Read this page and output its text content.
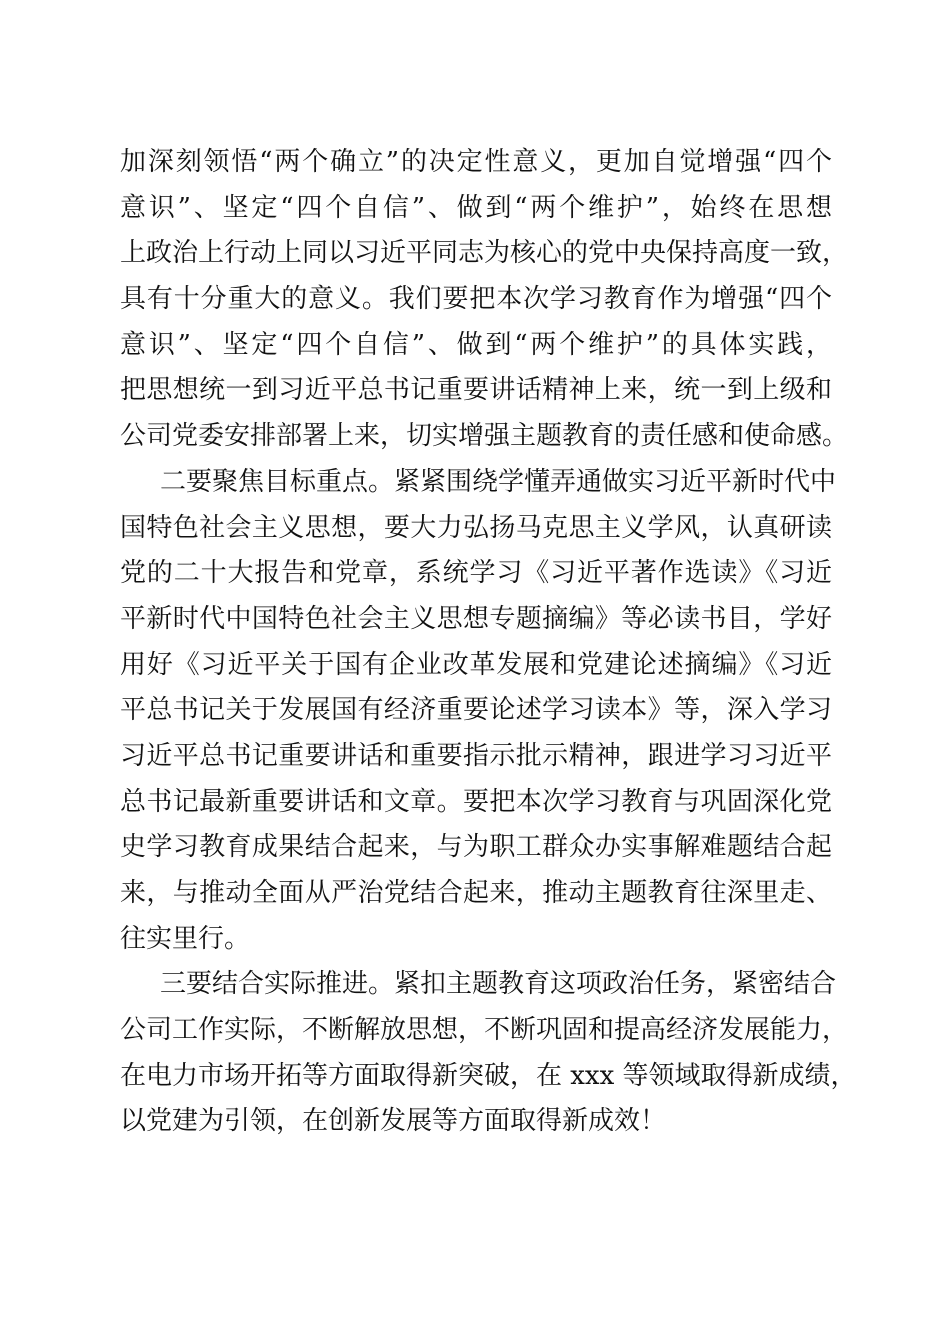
加深刻领悟“两个确立”的决定性意义，更加自觉增强“四个
意识”、坚定“四个自信”、做到“两个维护”，始终在思想
上政治上行动上同以习近平同志为核心的党中央保持高度一致，
具有十分重大的意义。我们要把本次学习教育作为增强“四个
意识”、坚定“四个自信”、做到“两个维护”的具体实践，
把思想统一到习近平总书记重要讲话精神上来，统一到上级和
公司党委安排部署上来，切实增强主题教育的责任感和使命感。
二要聚焦目标重点。紧紧围绕学懂弄通做实习近平新时代中
国特色社会主义思想，要大力弘扬马克思主义学风，认真研读
党的二十大报告和党章，系统学习《习近平著作选读》《习近
平新时代中国特色社会主义思想专题摘编》等必读书目，学好
用好《习近平关于国有企业改革发展和党建论述摘编》《习近
平总书记关于发展国有经济重要论述学习读本》等，深入学习
习近平总书记重要讲话和重要指示批示精神，跟进学习习近平
总书记最新重要讲话和文章。要把本次学习教育与巩固深化党
史学习教育成果结合起来，与为职工群众办实事解难题结合起
来，与推动全面从严治党结合起来，推动主题教育往深里走、
往实里行。
三要结合实际推进。紧扣主题教育这项政治任务，紧密结合
公司工作实际，不断解放思想，不断巩固和提高经济发展能力，
在电力市场开拓等方面取得新突破，在 xxx 等领域取得新成绩，
以党建为引领，在创新发展等方面取得新成效！
